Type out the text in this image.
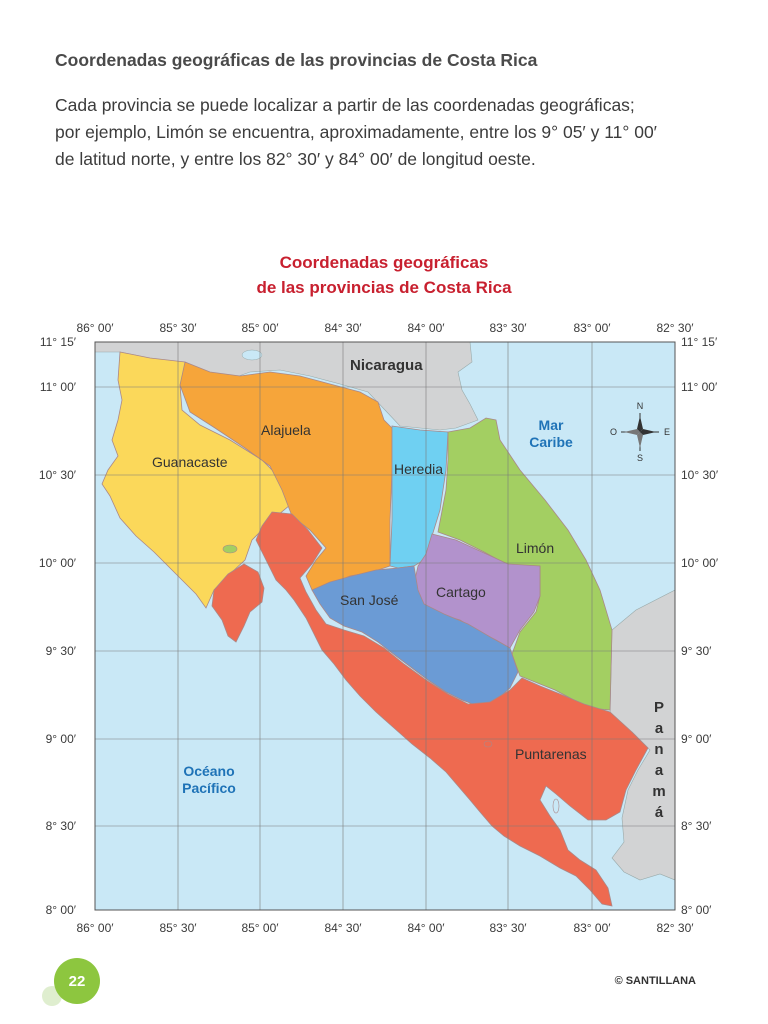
Coordenadas geográficas de las provincias de Costa Rica

Cada provincia se puede localizar a partir de las coordenadas geográficas;

por ejemplo, Limón se encuentra, aproximadamente, entre los 9° 05′ y 11° 00′

de latitud norte, y entre los 82° 30′ y 84° 00′ de longitud oeste.

Coordenadas geográficas
de las provincias de Costa Rica
86° 00′	85° 30′	85° 00′	84° 30′	84° 00′	83° 30′	83° 00′	82° 30′
86° 00′	85° 30′	85° 00′	84° 30′	84° 00′	83° 30′	83° 00′	82° 30′
11° 15′
11° 00′
10° 30′
10° 00′
9° 30′
9° 00′
8° 30′
8° 00′
11° 15′
11° 00′
10° 30′
10° 00′
9° 30′
9° 00′
8° 30′
8° 00′
Guanacaste
Alajuela
Heredia
Limón
San José	Cartago
Puntarenas
Nicaragua
P
a
n
a
m
á
Mar
Caribe
Océano
Pacífico
N
S
E
O
22	© SANTILLANA
